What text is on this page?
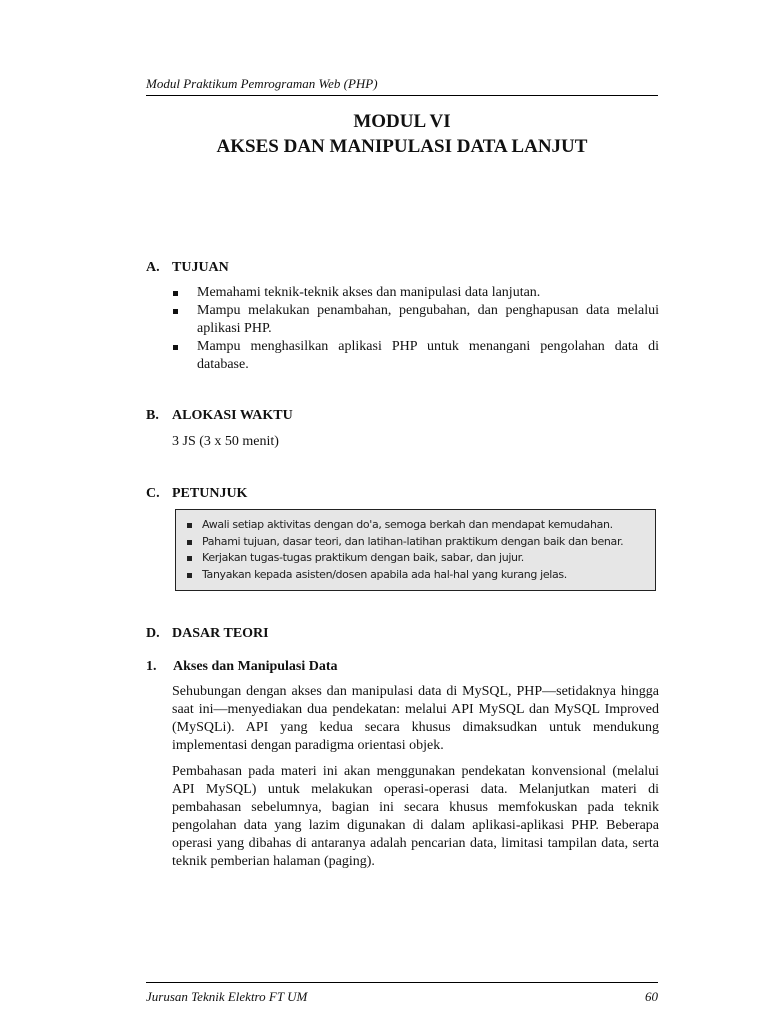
Modul Praktikum Pemrograman Web (PHP)
MODUL VI
AKSES DAN MANIPULASI DATA LANJUT
A. TUJUAN
Memahami teknik-teknik akses dan manipulasi data lanjutan.
Mampu melakukan penambahan, pengubahan, dan penghapusan data melalui aplikasi PHP.
Mampu menghasilkan aplikasi PHP untuk menangani pengolahan data di database.
B. ALOKASI WAKTU
3 JS (3 x 50 menit)
C. PETUNJUK
Awali setiap aktivitas dengan do'a, semoga berkah dan mendapat kemudahan.
Pahami tujuan, dasar teori, dan latihan-latihan praktikum dengan baik dan benar.
Kerjakan tugas-tugas praktikum dengan baik, sabar, dan jujur.
Tanyakan kepada asisten/dosen apabila ada hal-hal yang kurang jelas.
D. DASAR TEORI
1. Akses dan Manipulasi Data

Sehubungan dengan akses dan manipulasi data di MySQL, PHP—setidaknya hingga saat ini—menyediakan dua pendekatan: melalui API MySQL dan MySQL Improved (MySQLi). API yang kedua secara khusus dimaksudkan untuk mendukung implementasi dengan paradigma orientasi objek.

Pembahasan pada materi ini akan menggunakan pendekatan konvensional (melalui API MySQL) untuk melakukan operasi-operasi data. Melanjutkan materi di pembahasan sebelumnya, bagian ini secara khusus memfokuskan pada teknik pengolahan data yang lazim digunakan di dalam aplikasi-aplikasi PHP. Beberapa operasi yang dibahas di antaranya adalah pencarian data, limitasi tampilan data, serta teknik pemberian halaman (paging).

Jurusan Teknik Elektro FT UM	60
